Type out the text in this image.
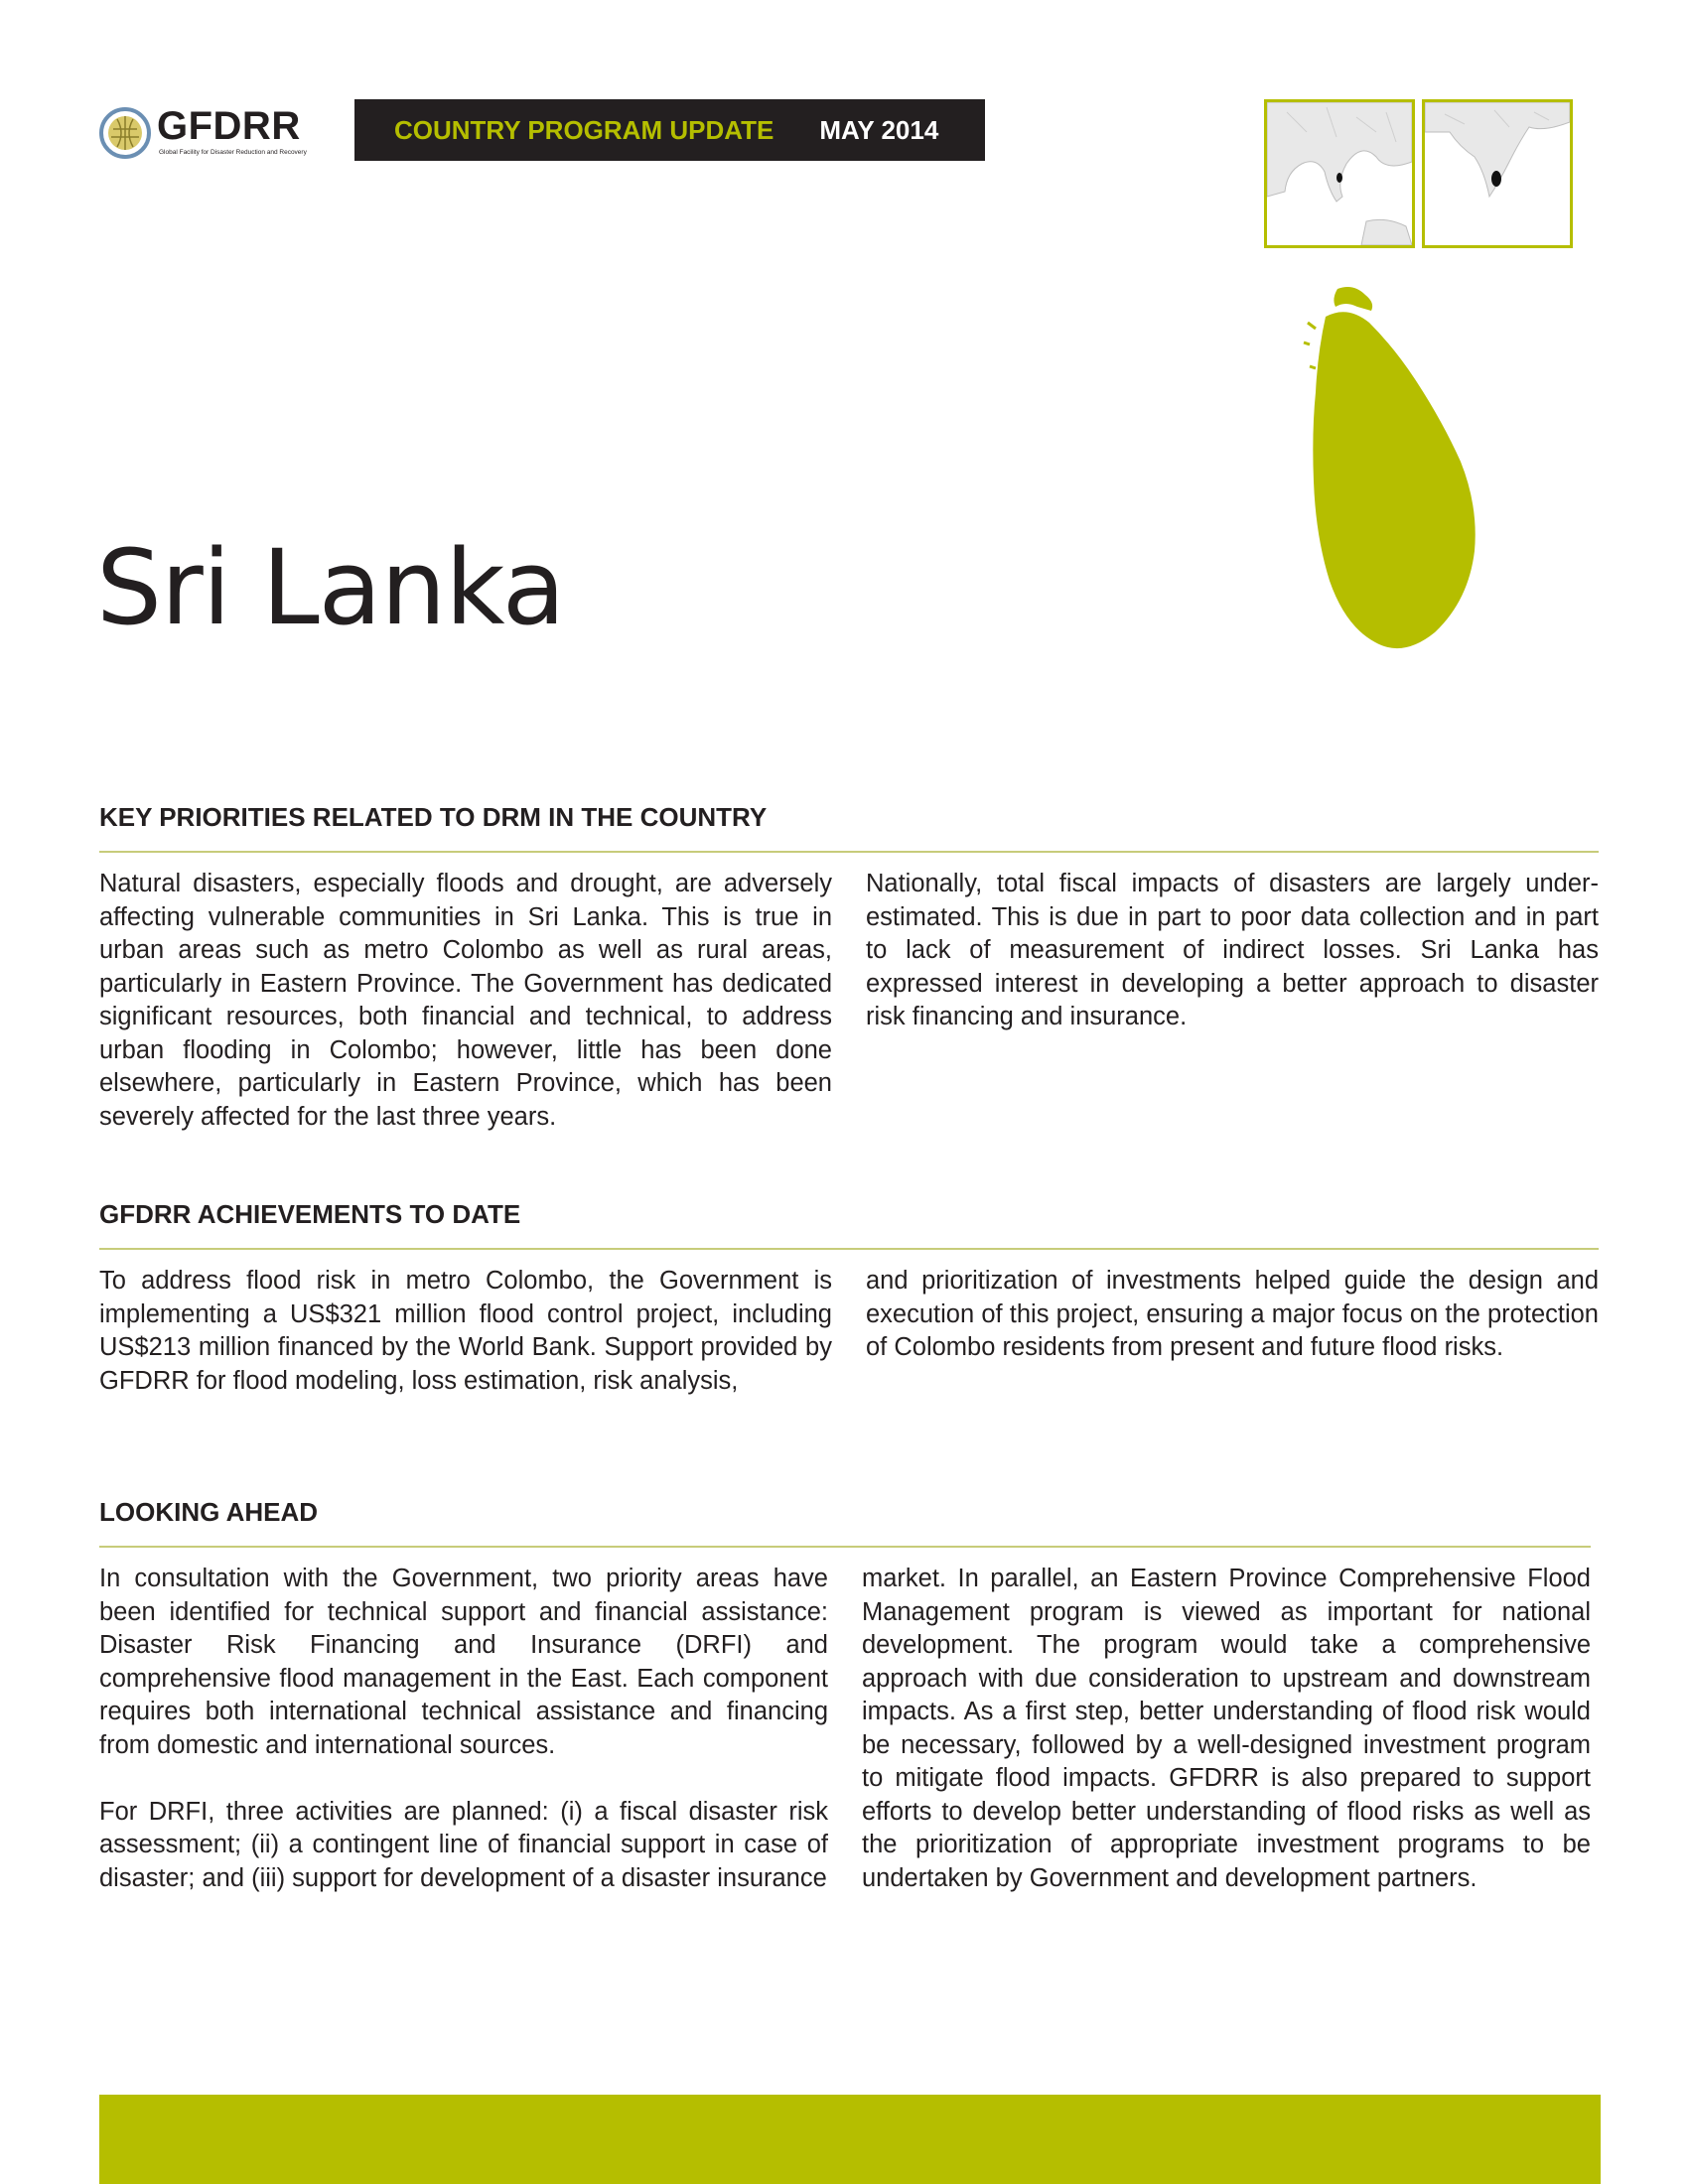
GFDRR
Global Facility for Disaster Reduction and Recovery
COUNTRY PROGRAM UPDATE MAY 2014
Sri Lanka
KEY PRIORITIES RELATED TO DRM IN THE COUNTRY

Natural disasters, especially floods and drought, are adversely affecting vulnerable communities in Sri Lanka. This is true in urban areas such as metro Colombo as well as rural areas, particularly in Eastern Province. The Government has dedicated significant resources, both financial and technical, to address urban flooding in Colombo; however, little has been done elsewhere, particularly in Eastern Province, which has been severely affected for the last three years.

Nationally, total fiscal impacts of disasters are largely under-estimated. This is due in part to poor data collection and in part to lack of measurement of indirect losses. Sri Lanka has expressed interest in developing a better approach to disaster risk financing and insurance.

GFDRR ACHIEVEMENTS TO DATE

To address flood risk in metro Colombo, the Government is implementing a US$321 million flood control project, including US$213 million financed by the World Bank. Support provided by GFDRR for flood modeling, loss estimation, risk analysis,

and prioritization of investments helped guide the design and execution of this project, ensuring a major focus on the protection of Colombo residents from present and future flood risks.

LOOKING AHEAD

In consultation with the Government, two priority areas have been identified for technical support and financial assistance: Disaster Risk Financing and Insurance (DRFI) and comprehensive flood management in the East. Each component requires both international technical assistance and financing from domestic and international sources.

For DRFI, three activities are planned: (i) a fiscal disaster risk assessment; (ii) a contingent line of financial support in case of disaster; and (iii) support for development of a disaster insurance

market. In parallel, an Eastern Province Comprehensive Flood Management program is viewed as important for national development. The program would take a comprehensive approach with due consideration to upstream and downstream impacts. As a first step, better understanding of flood risk would be necessary, followed by a well-designed investment program to mitigate flood impacts. GFDRR is also prepared to support efforts to develop better understanding of flood risks as well as the prioritization of appropriate investment programs to be undertaken by Government and development partners.
